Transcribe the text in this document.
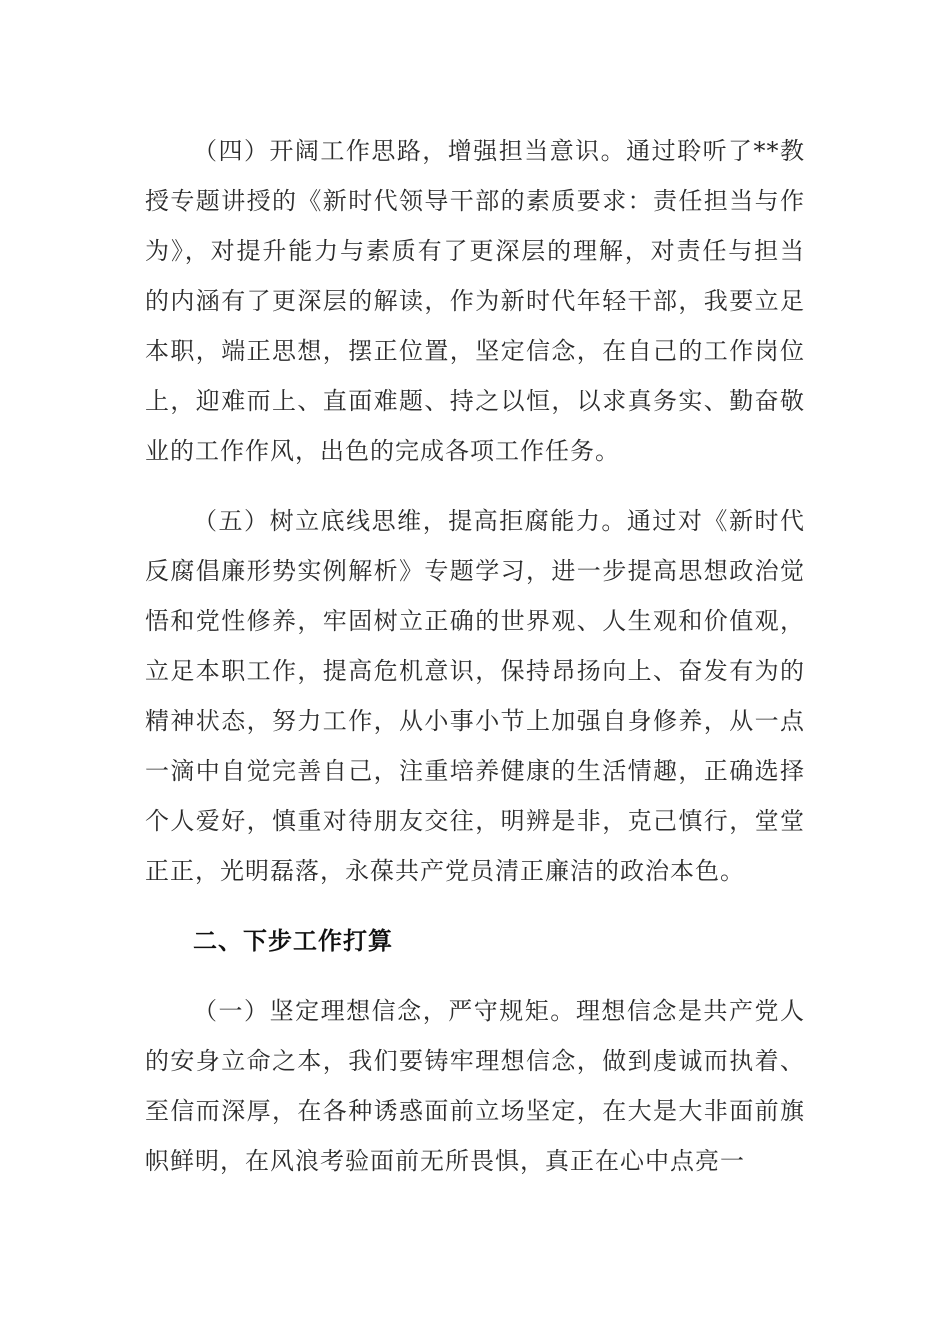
（四）开阔工作思路，增强担当意识。通过聆听了**教授专题讲授的《新时代领导干部的素质要求：责任担当与作为》，对提升能力与素质有了更深层的理解，对责任与担当的内涵有了更深层的解读，作为新时代年轻干部，我要立足本职，端正思想，摆正位置，坚定信念，在自己的工作岗位上，迎难而上、直面难题、持之以恒，以求真务实、勤奋敬业的工作作风，出色的完成各项工作任务。

（五）树立底线思维，提高拒腐能力。通过对《新时代反腐倡廉形势实例解析》专题学习，进一步提高思想政治觉悟和党性修养，牢固树立正确的世界观、人生观和价值观，立足本职工作，提高危机意识，保持昂扬向上、奋发有为的精神状态，努力工作，从小事小节上加强自身修养，从一点一滴中自觉完善自己，注重培养健康的生活情趣，正确选择个人爱好，慎重对待朋友交往，明辨是非，克己慎行，堂堂正正，光明磊落，永葆共产党员清正廉洁的政治本色。

二、下步工作打算

（一）坚定理想信念，严守规矩。理想信念是共产党人的安身立命之本，我们要铸牢理想信念，做到虔诚而执着、至信而深厚，在各种诱惑面前立场坚定，在大是大非面前旗帜鲜明，在风浪考验面前无所畏惧，真正在心中点亮一
